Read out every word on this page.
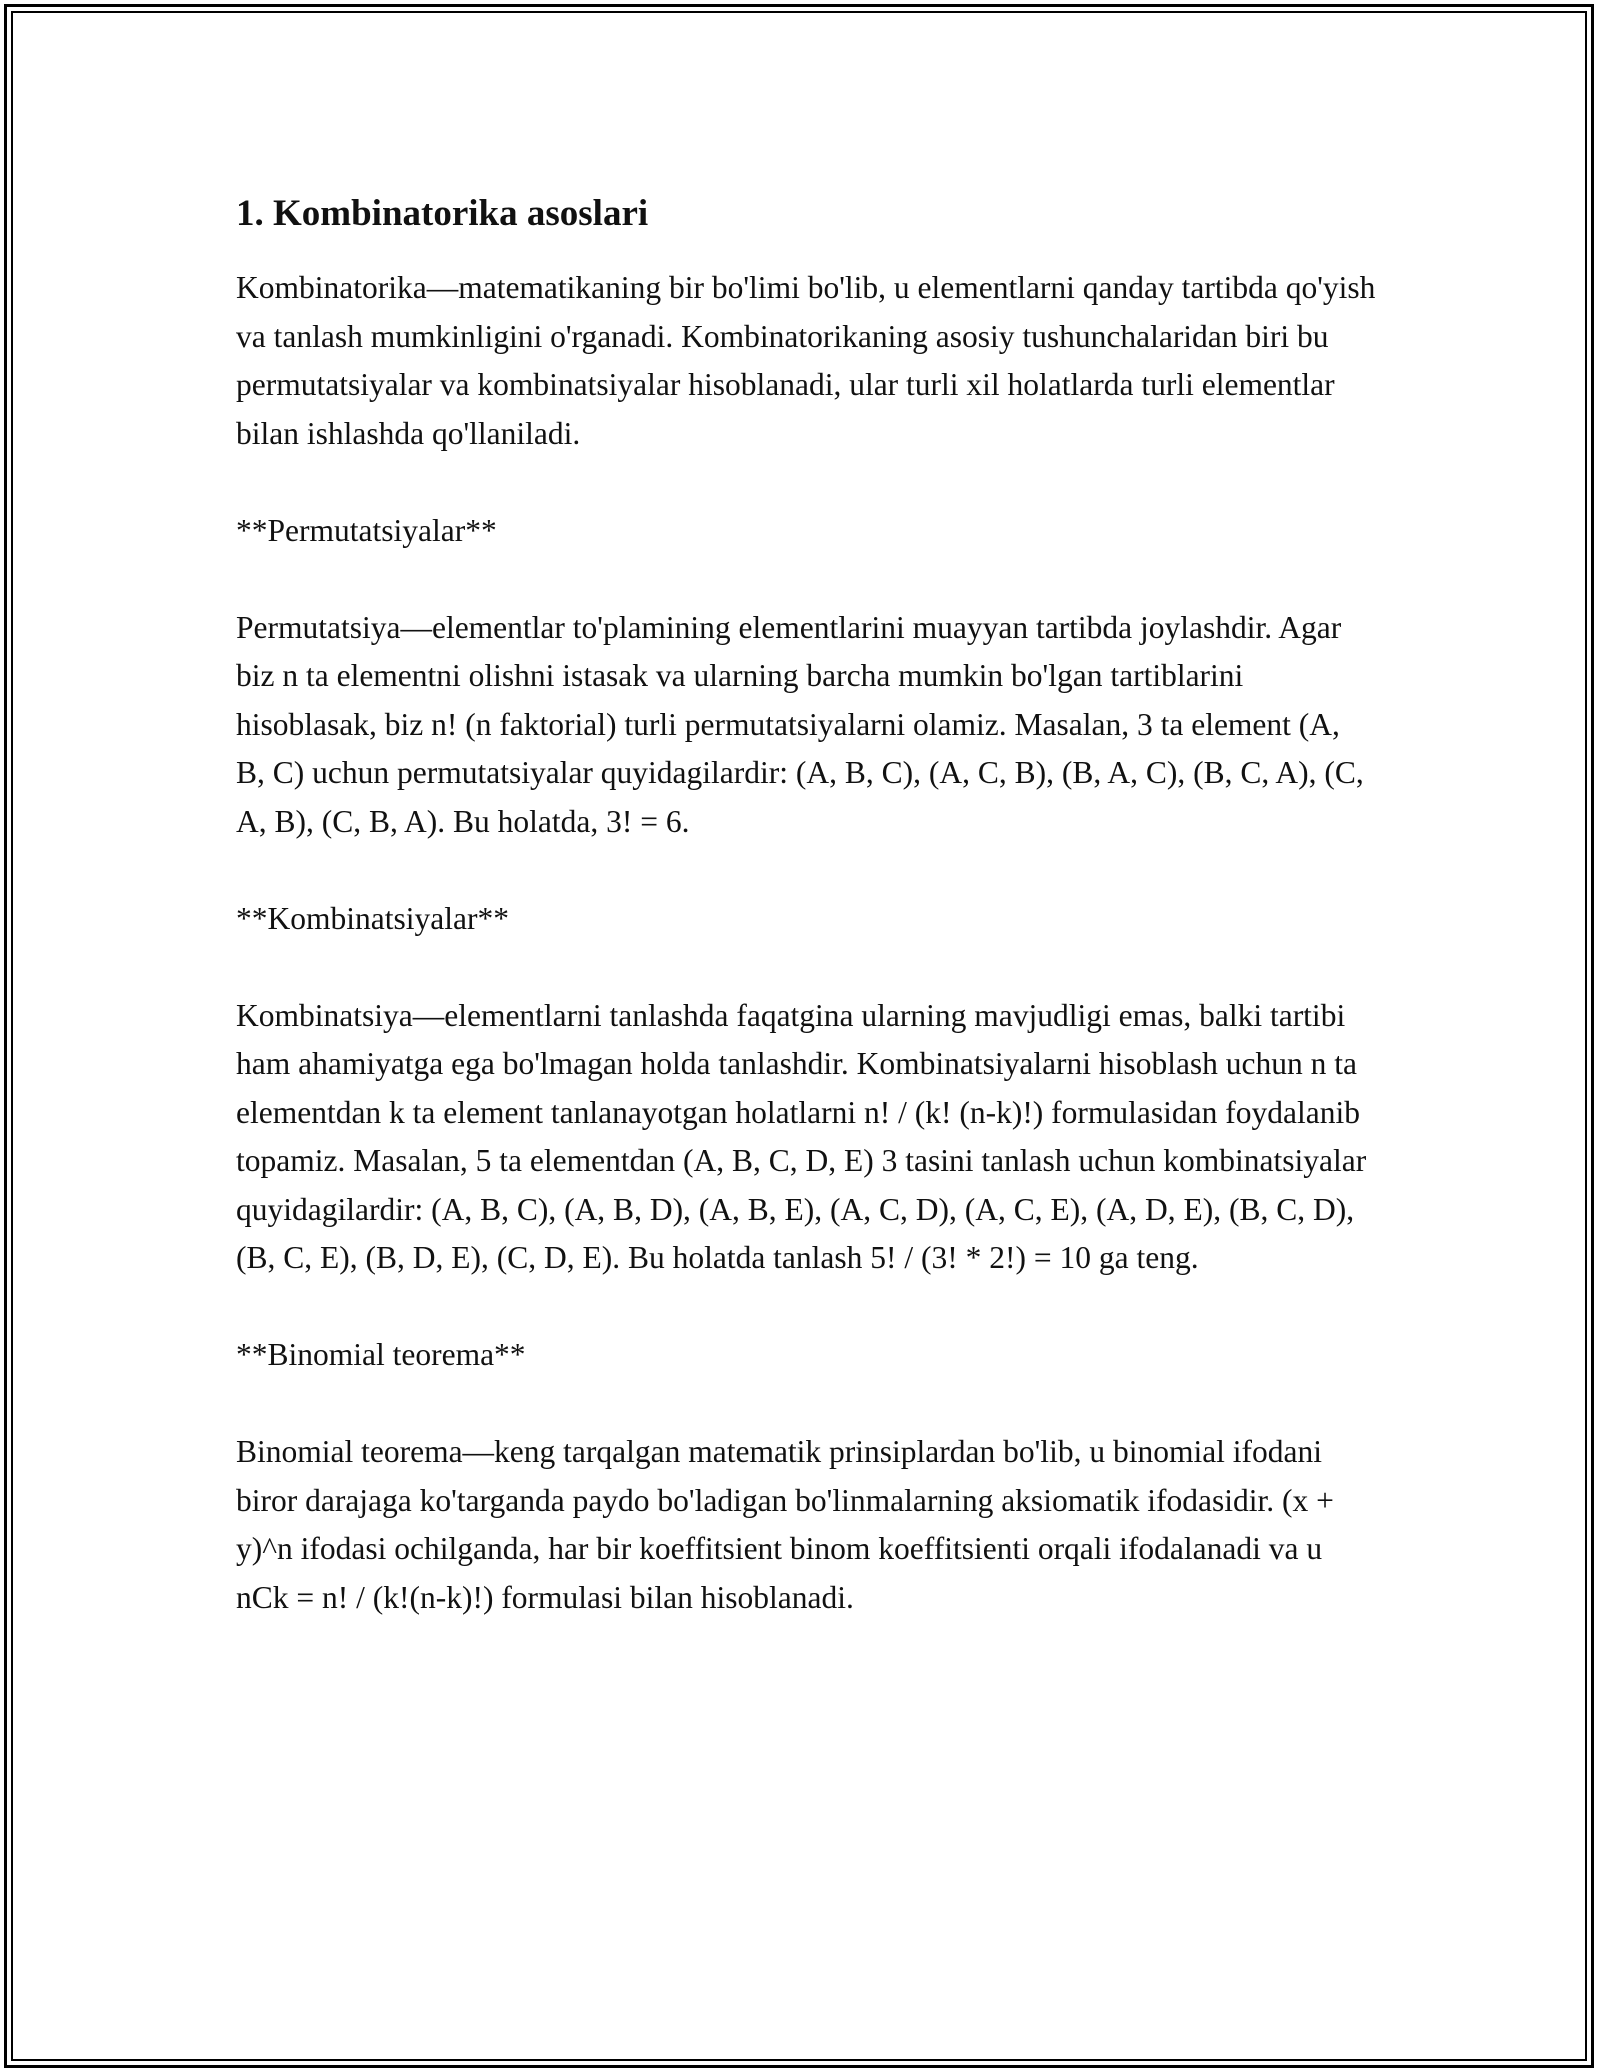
1. Kombinatorika asoslari

Kombinatorika—matematikaning bir bo'limi bo'lib, u elementlarni qanday tartibda qo'yish va tanlash mumkinligini o'rganadi. Kombinatorikaning asosiy tushunchalaridan biri bu permutatsiyalar va kombinatsiyalar hisoblanadi, ular turli xil holatlarda turli elementlar bilan ishlashda qo'llaniladi.

**Permutatsiyalar**

Permutatsiya—elementlar to'plamining elementlarini muayyan tartibda joylashdir. Agar biz n ta elementni olishni istasak va ularning barcha mumkin bo'lgan tartiblarini hisoblasak, biz n! (n faktorial) turli permutatsiyalarni olamiz. Masalan, 3 ta element (A, B, C) uchun permutatsiyalar quyidagilardir: (A, B, C), (A, C, B), (B, A, C), (B, C, A), (C, A, B), (C, B, A). Bu holatda, 3! = 6.

**Kombinatsiyalar**

Kombinatsiya—elementlarni tanlashda faqatgina ularning mavjudligi emas, balki tartibi ham ahamiyatga ega bo'lmagan holda tanlashdir. Kombinatsiyalarni hisoblash uchun n ta elementdan k ta element tanlanayotgan holatlarni n! / (k! (n-k)!) formulasidan foydalanib topamiz. Masalan, 5 ta elementdan (A, B, C, D, E) 3 tasini tanlash uchun kombinatsiyalar quyidagilardir: (A, B, C), (A, B, D), (A, B, E), (A, C, D), (A, C, E), (A, D, E), (B, C, D), (B, C, E), (B, D, E), (C, D, E). Bu holatda tanlash 5! / (3! * 2!) = 10 ga teng.

**Binomial teorema**

Binomial teorema—keng tarqalgan matematik prinsiplardan bo'lib, u binomial ifodani biror darajaga ko'targanda paydo bo'ladigan bo'linmalarning aksiomatik ifodasidir. (x + y)^n ifodasi ochilganda, har bir koeffitsient binom koeffitsienti orqali ifodalanadi va u nCk = n! / (k!(n-k)!) formulasi bilan hisoblanadi.
